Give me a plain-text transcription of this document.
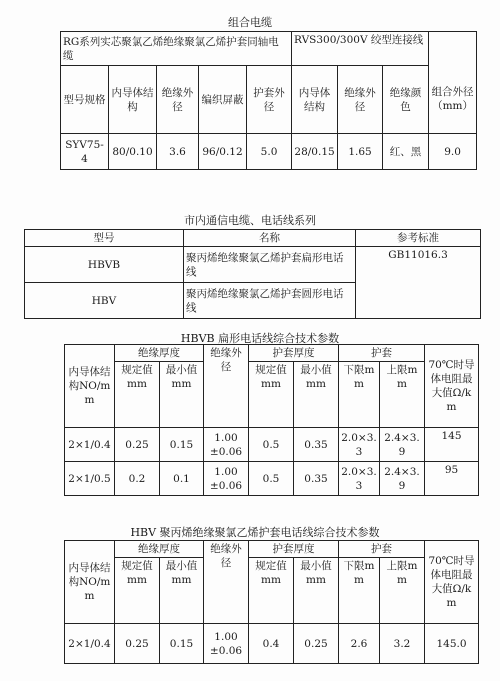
组合电缆
RG系列实芯聚氯乙烯绝缘聚氯乙烯护套同轴电缆					RVS300/300V 绞型连接线			
型号规格	内导体结构	绝缘外径	编织屏蔽	护套外径	内导体结构	绝缘外径	绝缘颜色	组合外径（mm）
SYV75-4	80/0.10	3.6	96/0.12	5.0	28/0.15	1.65	红、黑	9.0
市内通信电缆、电话线系列
型号	名称	参考标准
HBVB	聚丙烯绝缘聚氯乙烯护套扁形电话线	GB11016.3
HBV	聚丙烯绝缘聚氯乙烯护套圆形电话线	
HBVB 扁形电话线综合技术参数
内导体结构NO/mm	绝缘厚度		绝缘外径	护套厚度		护套		70℃时导体电阻最大值Ω/km
	规定值mm	最小值mm		规定值mm	最小值mm	下限mm	上限mm	
2×1/0.4	0.25	0.15	1.00±0.06	0.5	0.35	2.0×3.3	2.4×3.9	145
2×1/0.5	0.2	0.1	1.00±0.06	0.5	0.35	2.0×3.3	2.4×3.9	95
HBV 聚丙烯绝缘聚氯乙烯护套电话线综合技术参数
内导体结构NO/mm	绝缘厚度		绝缘外径	护套厚度		护套		70℃时导体电阻最大值Ω/km
	规定值mm	最小值mm		规定值mm	最小值mm	下限mm	上限mm	
2×1/0.4	0.25	0.15	1.00±0.06	0.4	0.25	2.6	3.2	145.0
